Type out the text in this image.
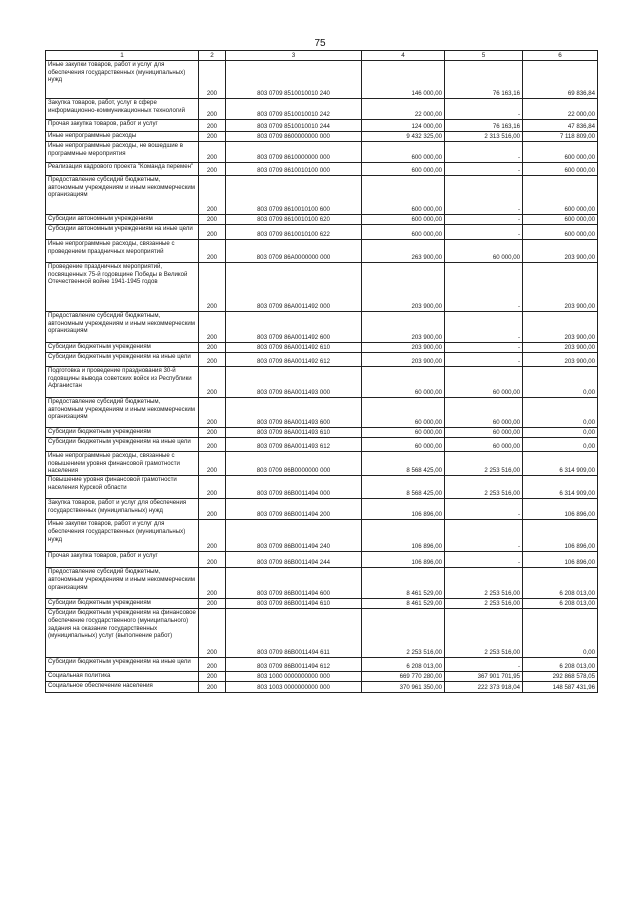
75
1	2	3	4	5	6
Иные закупки товаров, работ и услуг для обеспечения государственных (муниципальных) нужд	200	803 0709 8510010010 240	146 000,00	76 163,16	69 836,84
Закупка товаров, работ, услуг в сфере информационно-коммуникационных технологий	200	803 0709 8510010010 242	22 000,00	-	22 000,00
Прочая закупка товаров, работ и услуг	200	803 0709 8510010010 244	124 000,00	76 163,16	47 836,84
Иные непрограммные расходы	200	803 0709 8600000000 000	9 432 325,00	2 313 516,00	7 118 809,00
Иные непрограммные расходы, не вошедшие в программные мероприятия	200	803 0709 8610000000 000	600 000,00	-	600 000,00
Реализация кадрового проекта "Команда перемен"	200	803 0709 8610010100 000	600 000,00	-	600 000,00
Предоставление субсидий бюджетным, автономным учреждениям и иным некоммерческим организациям	200	803 0709 8610010100 600	600 000,00	-	600 000,00
Субсидии автономным учреждениям	200	803 0709 8610010100 620	600 000,00	-	600 000,00
Субсидии автономным учреждениям на иные цели	200	803 0709 8610010100 622	600 000,00	-	600 000,00
Иные непрограммные расходы, связанные с проведением праздничных мероприятий	200	803 0709 86A0000000 000	263 900,00	60 000,00	203 900,00
Проведение праздничных мероприятий, посвященных 75-й годовщине Победы в Великой Отечественной войне 1941-1945 годов	200	803 0709 86A0011492 000	203 900,00	-	203 900,00
Предоставление субсидий бюджетным, автономным учреждениям и иным некоммерческим организациям	200	803 0709 86A0011492 600	203 900,00	-	203 900,00
Субсидии бюджетным учреждениям	200	803 0709 86A0011492 610	203 900,00	-	203 900,00
Субсидии бюджетным учреждениям на иные цели	200	803 0709 86A0011492 612	203 900,00	-	203 900,00
Подготовка и проведение празднования 30-й годовщины вывода советских войск из Республики Афганистан	200	803 0709 86A0011493 000	60 000,00	60 000,00	0,00
Предоставление субсидий бюджетным, автономным учреждениям и иным некоммерческим организациям	200	803 0709 86A0011493 600	60 000,00	60 000,00	0,00
Субсидии бюджетным учреждениям	200	803 0709 86A0011493 610	60 000,00	60 000,00	0,00
Субсидии бюджетным учреждениям на иные цели	200	803 0709 86A0011493 612	60 000,00	60 000,00	0,00
Иные непрограммные расходы, связанные с повышением уровня финансовой грамотности населения	200	803 0709 86B0000000 000	8 568 425,00	2 253 516,00	6 314 909,00
Повышение уровня финансовой грамотности населения Курской области	200	803 0709 86B0011494 000	8 568 425,00	2 253 516,00	6 314 909,00
Закупка товаров, работ и услуг для обеспечения государственных (муниципальных) нужд	200	803 0709 86B0011494 200	106 896,00	-	106 896,00
Иные закупки товаров, работ и услуг для обеспечения государственных (муниципальных) нужд	200	803 0709 86B0011494 240	106 896,00	-	106 896,00
Прочая закупка товаров, работ и услуг	200	803 0709 86B0011494 244	106 896,00	-	106 896,00
Предоставление субсидий бюджетным, автономным учреждениям и иным некоммерческим организациям	200	803 0709 86B0011494 600	8 461 529,00	2 253 516,00	6 208 013,00
Субсидии бюджетным учреждениям	200	803 0709 86B0011494 610	8 461 529,00	2 253 516,00	6 208 013,00
Субсидии бюджетным учреждениям на финансовое обеспечение государственного (муниципального) задания на оказание государственных (муниципальных) услуг (выполнение работ)	200	803 0709 86B0011494 611	2 253 516,00	2 253 516,00	0,00
Субсидии бюджетным учреждениям на иные цели	200	803 0709 86B0011494 612	6 208 013,00	-	6 208 013,00
Социальная политика	200	803 1000 0000000000 000	669 770 280,00	367 901 701,95	292 868 578,05
Социальное обеспечение населения	200	803 1003 0000000000 000	370 961 350,00	222 373 918,04	148 587 431,96
